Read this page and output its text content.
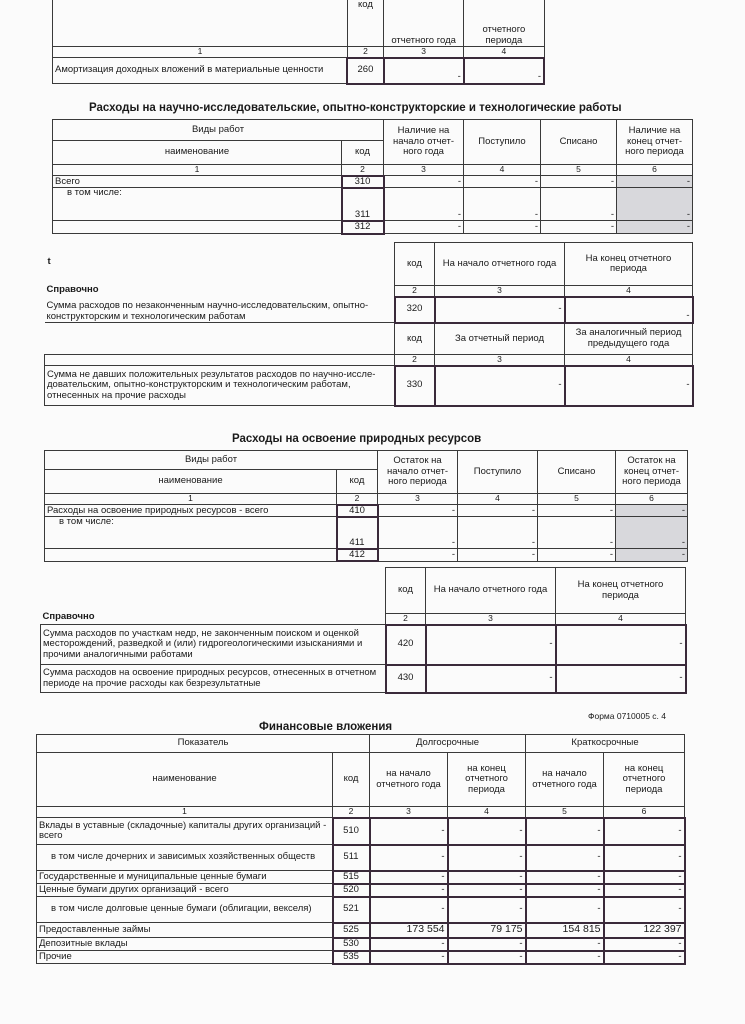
	код	отчетного года	отчетного периода
1	2	3	4
Амортизация доходных вложений в материальные ценности	260	-	-
Расходы на научно-исследовательские, опытно-конструкторские и технологические работы
Виды работ		Наличие на начало отчет-ного года	Поступило	Списано	Наличие на конец отчет-ного периода
наименование	код				
1	2	3	4	5	6
Всего	310	-	-	-	-
в том числе:	311	-	-	-	-
	312	-	-	-	-
t
Справочно
Сумма расходов по незаконченным научно-исследовательским, опытно-конструкторским и технологическим работам	код	На начало отчетного года	На конец отчетного периода
	2	3	4
	320	-	-
	код	За отчетный период	За аналогичный период предыдущего года
	2	3	4
Сумма не давших положительных результатов расходов по научно-иссле- довательским, опытно-конструкторским и технологическим работам, отнесенных на прочие расходы	330	-	-
Расходы на освоение природных ресурсов
Виды работ		Остаток на начало отчет-ного периода	Поступило	Списано	Остаток на конец отчет-ного периода
наименование	код				
1	2	3	4	5	6
Расходы на освоение природных ресурсов - всего	410	-	-	-	-
в том числе:	411	-	-	-	-
	412	-	-	-	-
Справочно	код	На начало отчетного года	На конец отчетного периода
	2	3	4
Сумма расходов по участкам недр, не законченным поиском и оценкой месторождений, разведкой и (или) гидрогеологическими изысканиями и прочими аналогичными работами	420	-	-
Сумма расходов на освоение природных ресурсов, отнесенных в отчетном периоде на прочие расходы как безрезультатные	430	-	-
Форма 0710005 с. 4
Финансовые вложения
Показатель		Долгосрочные		Краткосрочные	
наименование	код	на начало отчетного года	на конец отчетного периода	на начало отчетного года	на конец отчетного периода
1	2	3	4	5	6
Вклады в уставные (складочные) капиталы других организаций - всего	510	-	-	-	-
в том числе дочерних и зависимых хозяйственных обществ	511	-	-	-	-
Государственные и муниципальные ценные бумаги	515	-	-	-	-
Ценные бумаги других организаций - всего	520	-	-	-	-
в том числе долговые ценные бумаги (облигации, векселя)	521	-	-	-	-
Предоставленные займы	525	173 554	79 175	154 815	122 397
Депозитные вклады	530	-	-	-	-
Прочие	535	-	-	-	-
